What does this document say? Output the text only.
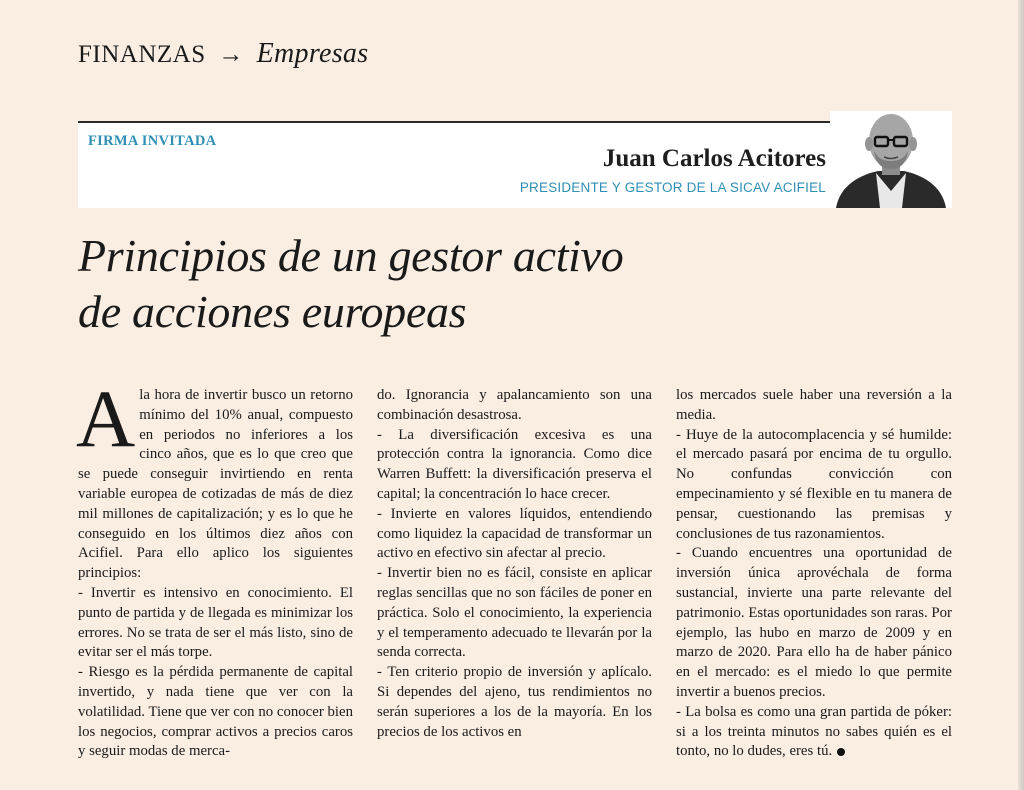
FINANZAS → Empresas
FIRMA INVITADA
Juan Carlos Acitores
PRESIDENTE Y GESTOR DE LA SICAV ACIFIEL
Principios de un gestor activo
de acciones europeas

Ala hora de invertir busco un retorno mínimo del 10% anual, compuesto en periodos no inferiores a los cinco años, que es lo que creo que se puede conseguir invirtiendo en renta variable europea de cotizadas de más de diez mil millones de capitalización; y es lo que he conseguido en los últimos diez años con Acifiel. Para ello aplico los siguientes principios:

- Invertir es intensivo en conocimiento. El punto de partida y de llegada es minimizar los errores. No se trata de ser el más listo, sino de evitar ser el más torpe.

- Riesgo es la pérdida permanente de capital invertido, y nada tiene que ver con la volatilidad. Tiene que ver con no conocer bien los negocios, comprar activos a precios caros y seguir modas de merca-

do. Ignorancia y apalancamiento son una combinación desastrosa.

- La diversificación excesiva es una protección contra la ignorancia. Como dice Warren Buffett: la diversificación preserva el capital; la concentración lo hace crecer.

- Invierte en valores líquidos, entendiendo como liquidez la capacidad de transformar un activo en efectivo sin afectar al precio.

- Invertir bien no es fácil, consiste en aplicar reglas sencillas que no son fáciles de poner en práctica. Solo el conocimiento, la experiencia y el temperamento adecuado te llevarán por la senda correcta.

- Ten criterio propio de inversión y aplícalo. Si dependes del ajeno, tus rendimientos no serán superiores a los de la mayoría. En los precios de los activos en

los mercados suele haber una reversión a la media.

- Huye de la autocomplacencia y sé humilde: el mercado pasará por encima de tu orgullo. No confundas convicción con empecinamiento y sé flexible en tu manera de pensar, cuestionando las premisas y conclusiones de tus razonamientos.

- Cuando encuentres una oportunidad de inversión única aprovéchala de forma sustancial, invierte una parte relevante del patrimonio. Estas oportunidades son raras. Por ejemplo, las hubo en marzo de 2009 y en marzo de 2020. Para ello ha de haber pánico en el mercado: es el miedo lo que permite invertir a buenos precios.

- La bolsa es como una gran partida de póker: si a los treinta minutos no sabes quién es el tonto, no lo dudes, eres tú.
